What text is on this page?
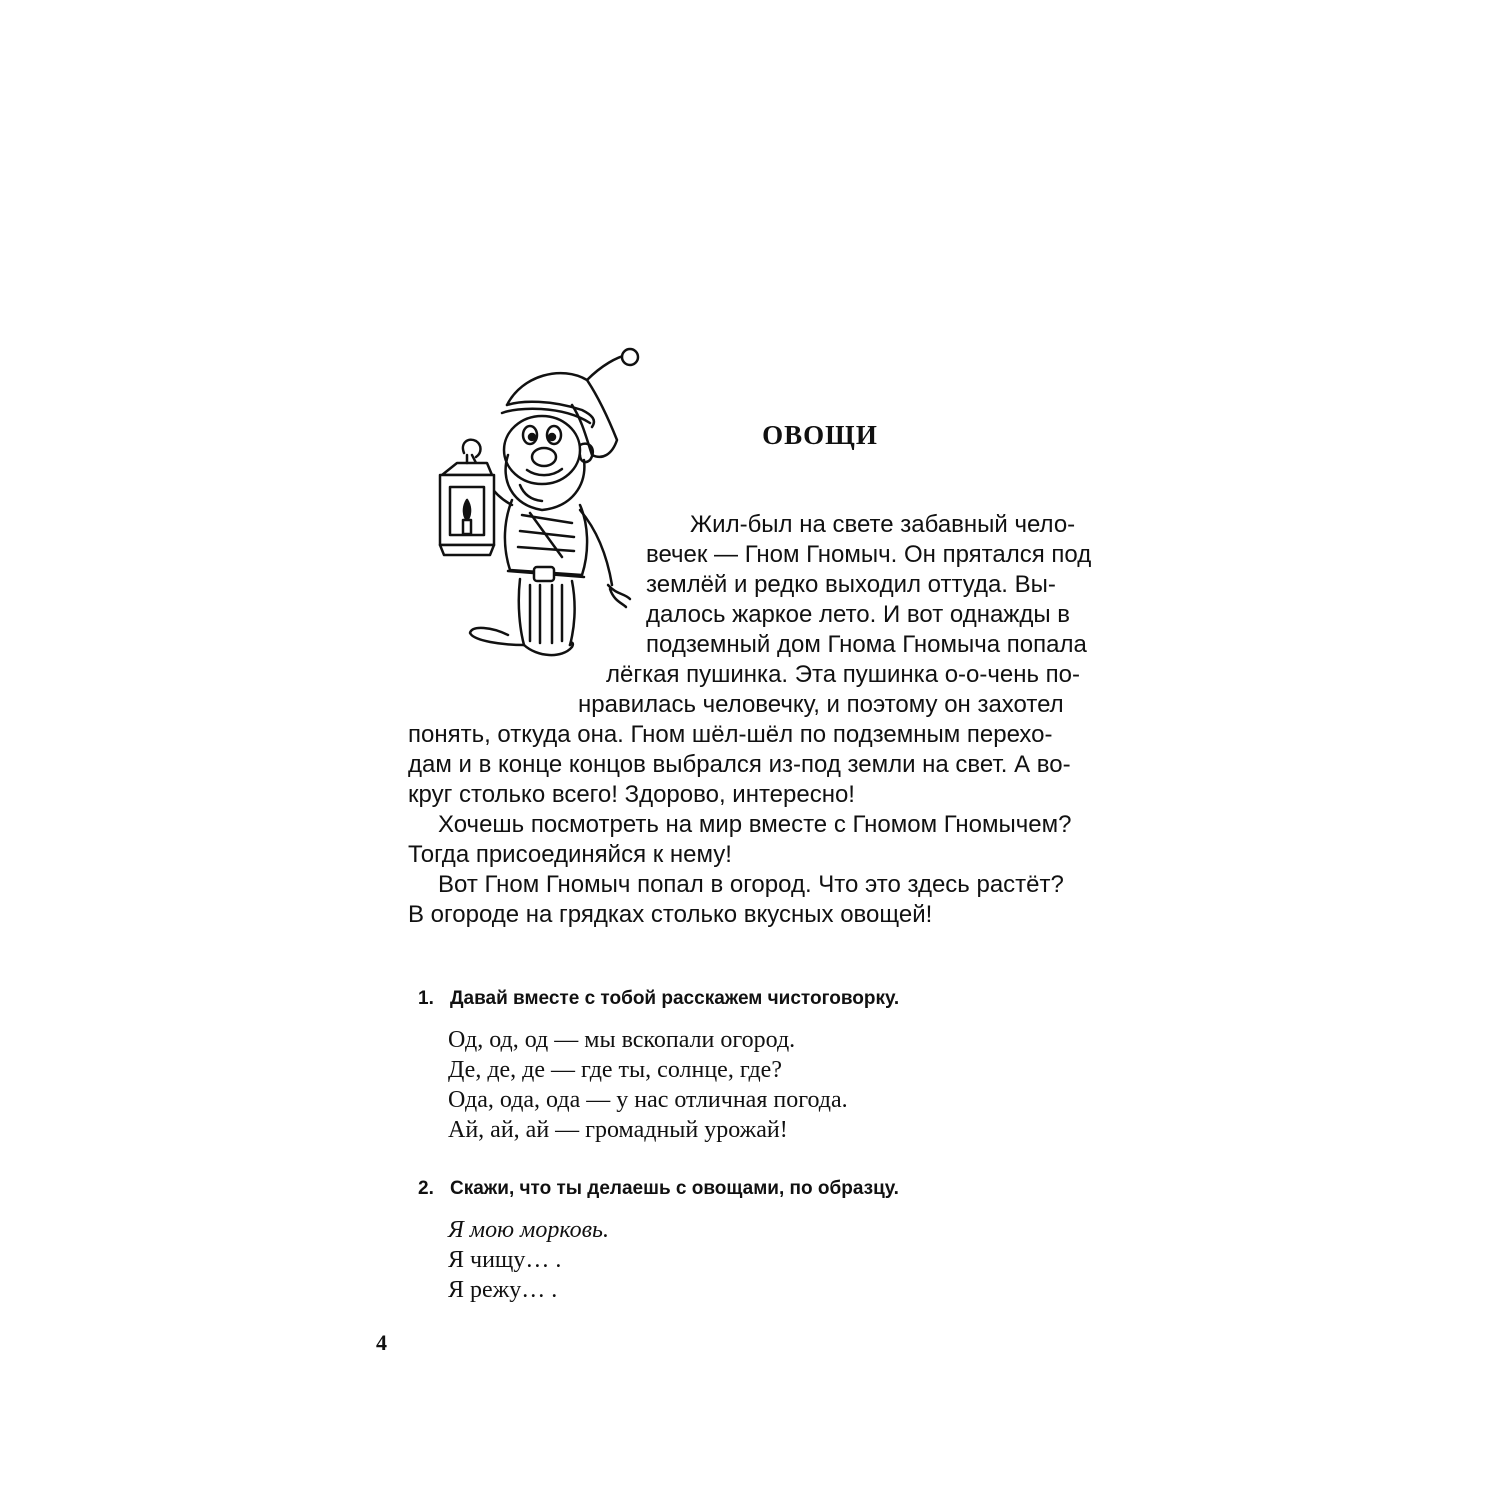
ОВОЩИ
Жил-был на свете забавный чело-
вечек — Гном Гномыч. Он прятался под
землёй и редко выходил оттуда. Вы-
далось жаркое лето. И вот однажды в
подземный дом Гнома Гномыча попала
лёгкая пушинка. Эта пушинка о-о-чень по-
нравилась человечку, и поэтому он захотел
понять, откуда она. Гном шёл-шёл по подземным перехо-
дам и в конце концов выбрался из-под земли на свет. А во-
круг столько всего! Здорово, интересно!
Хочешь посмотреть на мир вместе с Гномом Гномычем?
Тогда присоединяйся к нему!
Вот Гном Гномыч попал в огород. Что это здесь растёт?
В огороде на грядках столько вкусных овощей!
1. Давай вместе с тобой расскажем чистоговорку.
Од, од, од — мы вскопали огород.
Де, де, де — где ты, солнце, где?
Ода, ода, ода — у нас отличная погода.
Ай, ай, ай — громадный урожай!
2. Скажи, что ты делаешь с овощами, по образцу.
Я мою морковь.
Я чищу… .
Я режу… .
4
